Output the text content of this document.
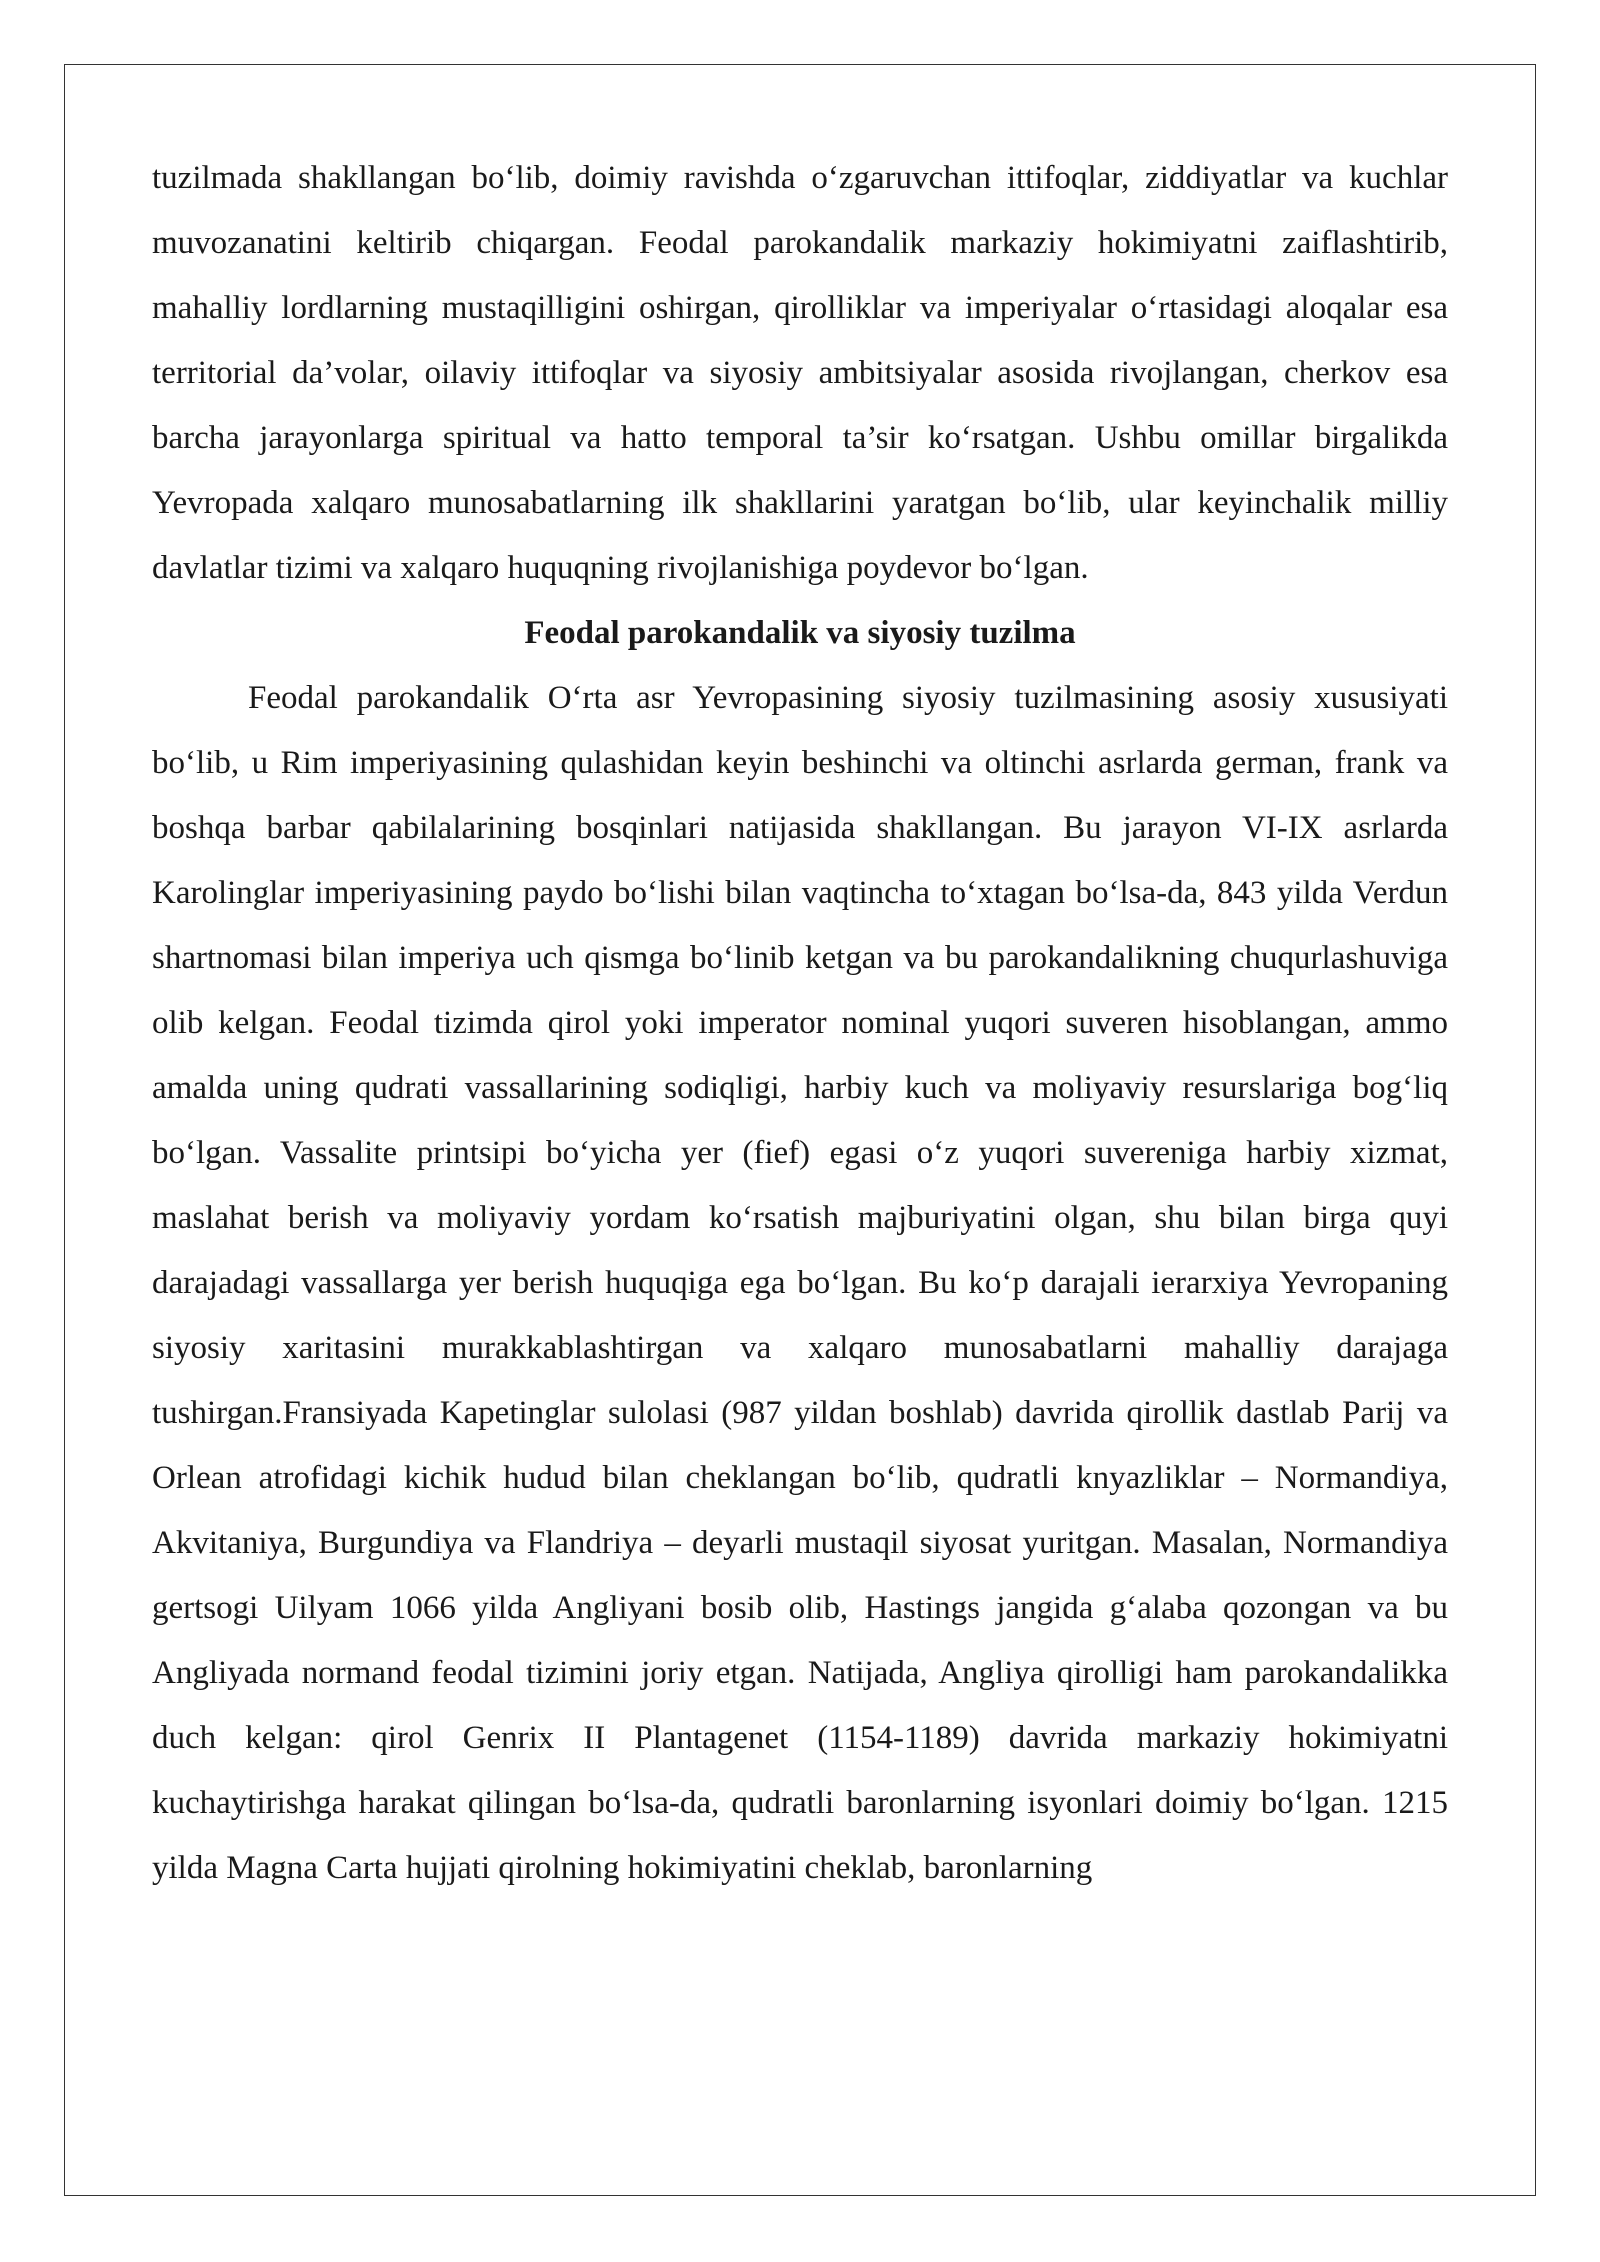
tuzilmada shakllangan bo‘lib, doimiy ravishda o‘zgaruvchan ittifoqlar, ziddiyatlar va kuchlar muvozanatini keltirib chiqargan. Feodal parokandalik markaziy hokimiyatni zaiflashtirib, mahalliy lordlarning mustaqilligini oshirgan, qirolliklar va imperiyalar o‘rtasidagi aloqalar esa territorial da’volar, oilaviy ittifoqlar va siyosiy ambitsiyalar asosida rivojlangan, cherkov esa barcha jarayonlarga spiritual va hatto temporal ta’sir ko‘rsatgan. Ushbu omillar birgalikda Yevropada xalqaro munosabatlarning ilk shakllarini yaratgan bo‘lib, ular keyinchalik milliy davlatlar tizimi va xalqaro huquqning rivojlanishiga poydevor bo‘lgan.

Feodal parokandalik va siyosiy tuzilma

Feodal parokandalik O‘rta asr Yevropasining siyosiy tuzilmasining asosiy xususiyati bo‘lib, u Rim imperiyasining qulashidan keyin beshinchi va oltinchi asrlarda german, frank va boshqa barbar qabilalarining bosqinlari natijasida shakllangan. Bu jarayon VI-IX asrlarda Karolinglar imperiyasining paydo bo‘lishi bilan vaqtincha to‘xtagan bo‘lsa-da, 843 yilda Verdun shartnomasi bilan imperiya uch qismga bo‘linib ketgan va bu parokandalikning chuqurlashuviga olib kelgan. Feodal tizimda qirol yoki imperator nominal yuqori suveren hisoblangan, ammo amalda uning qudrati vassallarining sodiqligi, harbiy kuch va moliyaviy resurslariga bog‘liq bo‘lgan. Vassalite printsipi bo‘yicha yer (fief) egasi o‘z yuqori suvereniga harbiy xizmat, maslahat berish va moliyaviy yordam ko‘rsatish majburiyatini olgan, shu bilan birga quyi darajadagi vassallarga yer berish huquqiga ega bo‘lgan. Bu ko‘p darajali ierarxiya Yevropaning siyosiy xaritasini murakkablashtirgan va xalqaro munosabatlarni mahalliy darajaga tushirgan.Fransiyada Kapetinglar sulolasi (987 yildan boshlab) davrida qirollik dastlab Parij va Orlean atrofidagi kichik hudud bilan cheklangan bo‘lib, qudratli knyazliklar – Normandiya, Akvitaniya, Burgundiya va Flandriya – deyarli mustaqil siyosat yuritgan. Masalan, Normandiya gertsogi Uilyam 1066 yilda Angliyani bosib olib, Hastings jangida g‘alaba qozongan va bu Angliyada normand feodal tizimini joriy etgan. Natijada, Angliya qirolligi ham parokandalikka duch kelgan: qirol Genrix II Plantagenet (1154-1189) davrida markaziy hokimiyatni kuchaytirishga harakat qilingan bo‘lsa-da, qudratli baronlarning isyonlari doimiy bo‘lgan. 1215 yilda Magna Carta hujjati qirolning hokimiyatini cheklab, baronlarning
